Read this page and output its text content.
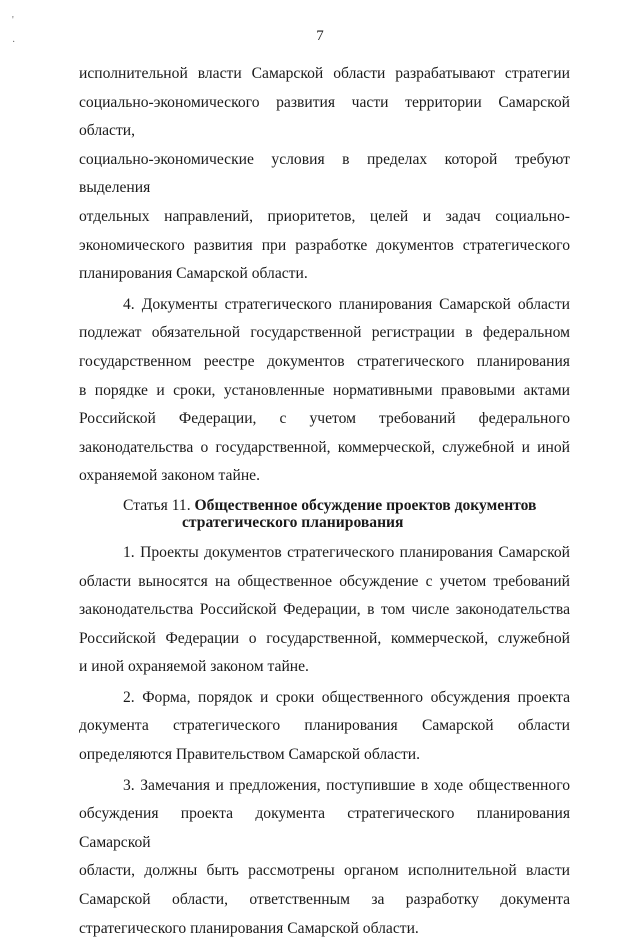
'
·	7
исполнительной власти Самарской области разрабатывают стратегии
социально-экономического развития части территории Самарской области,
социально-экономические условия в пределах которой требуют выделения
отдельных направлений, приоритетов, целей и задач социально-
экономического развития при разработке документов стратегического
планирования Самарской области.
4. Документы стратегического планирования Самарской области
подлежат обязательной государственной регистрации в федеральном
государственном реестре документов стратегического планирования
в порядке и сроки, установленные нормативными правовыми актами
Российской Федерации, с учетом требований федерального
законодательства о государственной, коммерческой, служебной и иной
охраняемой законом тайне.
Статья 11. Общественное обсуждение проектов документов
стратегического планирования
1. Проекты документов стратегического планирования Самарской
области выносятся на общественное обсуждение с учетом требований
законодательства Российской Федерации, в том числе законодательства
Российской Федерации о государственной, коммерческой, служебной
и иной охраняемой законом тайне.
2. Форма, порядок и сроки общественного обсуждения проекта
документа стратегического планирования Самарской области
определяются Правительством Самарской области.
3. Замечания и предложения, поступившие в ходе общественного
обсуждения проекта документа стратегического планирования Самарской
области, должны быть рассмотрены органом исполнительной власти
Самарской области, ответственным за разработку документа
стратегического планирования Самарской области.
